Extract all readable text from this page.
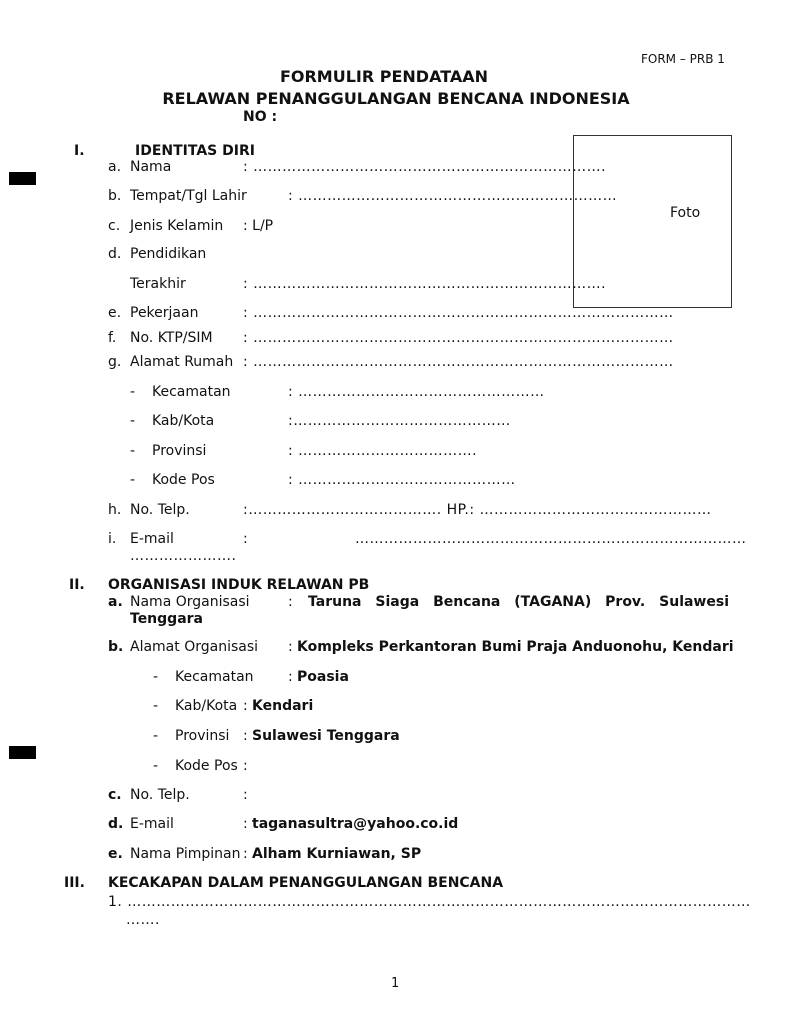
FORM – PRB 1
FORMULIR PENDATAAN
RELAWAN PENANGGULANGAN BENCANA INDONESIA
NO :
Foto
I.	IDENTITAS DIRI
a. Nama	: ……………………………………………………………….
b. Tempat/Tgl Lahir	: …………………………………………………………
c. Jenis Kelamin : L/P
d. Pendidikan
Terakhir	: ……………………………………………………………….
e. Pekerjaan	: ……………………………………………………………………………
f. No. KTP/SIM : ……………………………………………………………………………
g. Alamat Rumah : ……………………………………………………………………………
- Kecamatan	: ……………………………………………
- Kab/Kota	:………………………………………
- Provinsi	: ……………………………….
- Kode Pos	: ………………………………………
h. No. Telp.	:…………………………………. HP.: …………………………………………
i. E-mail	:	………………………………………………………………………
………………….
II. ORGANISASI INDUK RELAWAN PB
a. Nama Organisasi	: Taruna Siaga Bencana (TAGANA) Prov. Sulawesi
Tenggara
b. Alamat Organisasi : Kompleks Perkantoran Bumi Praja Anduonohu, Kendari
- Kecamatan : Poasia
- Kab/Kota : Kendari
- Provinsi : Sulawesi Tenggara
- Kode Pos :
c. No. Telp.	:
d. E-mail	: taganasultra@yahoo.co.id
e. Nama Pimpinan : Alham Kurniawan, SP
III. KECAKAPAN DALAM PENANGGULANGAN BENCANA
1. …………………………………………………………………………………………………………………
…….
1
